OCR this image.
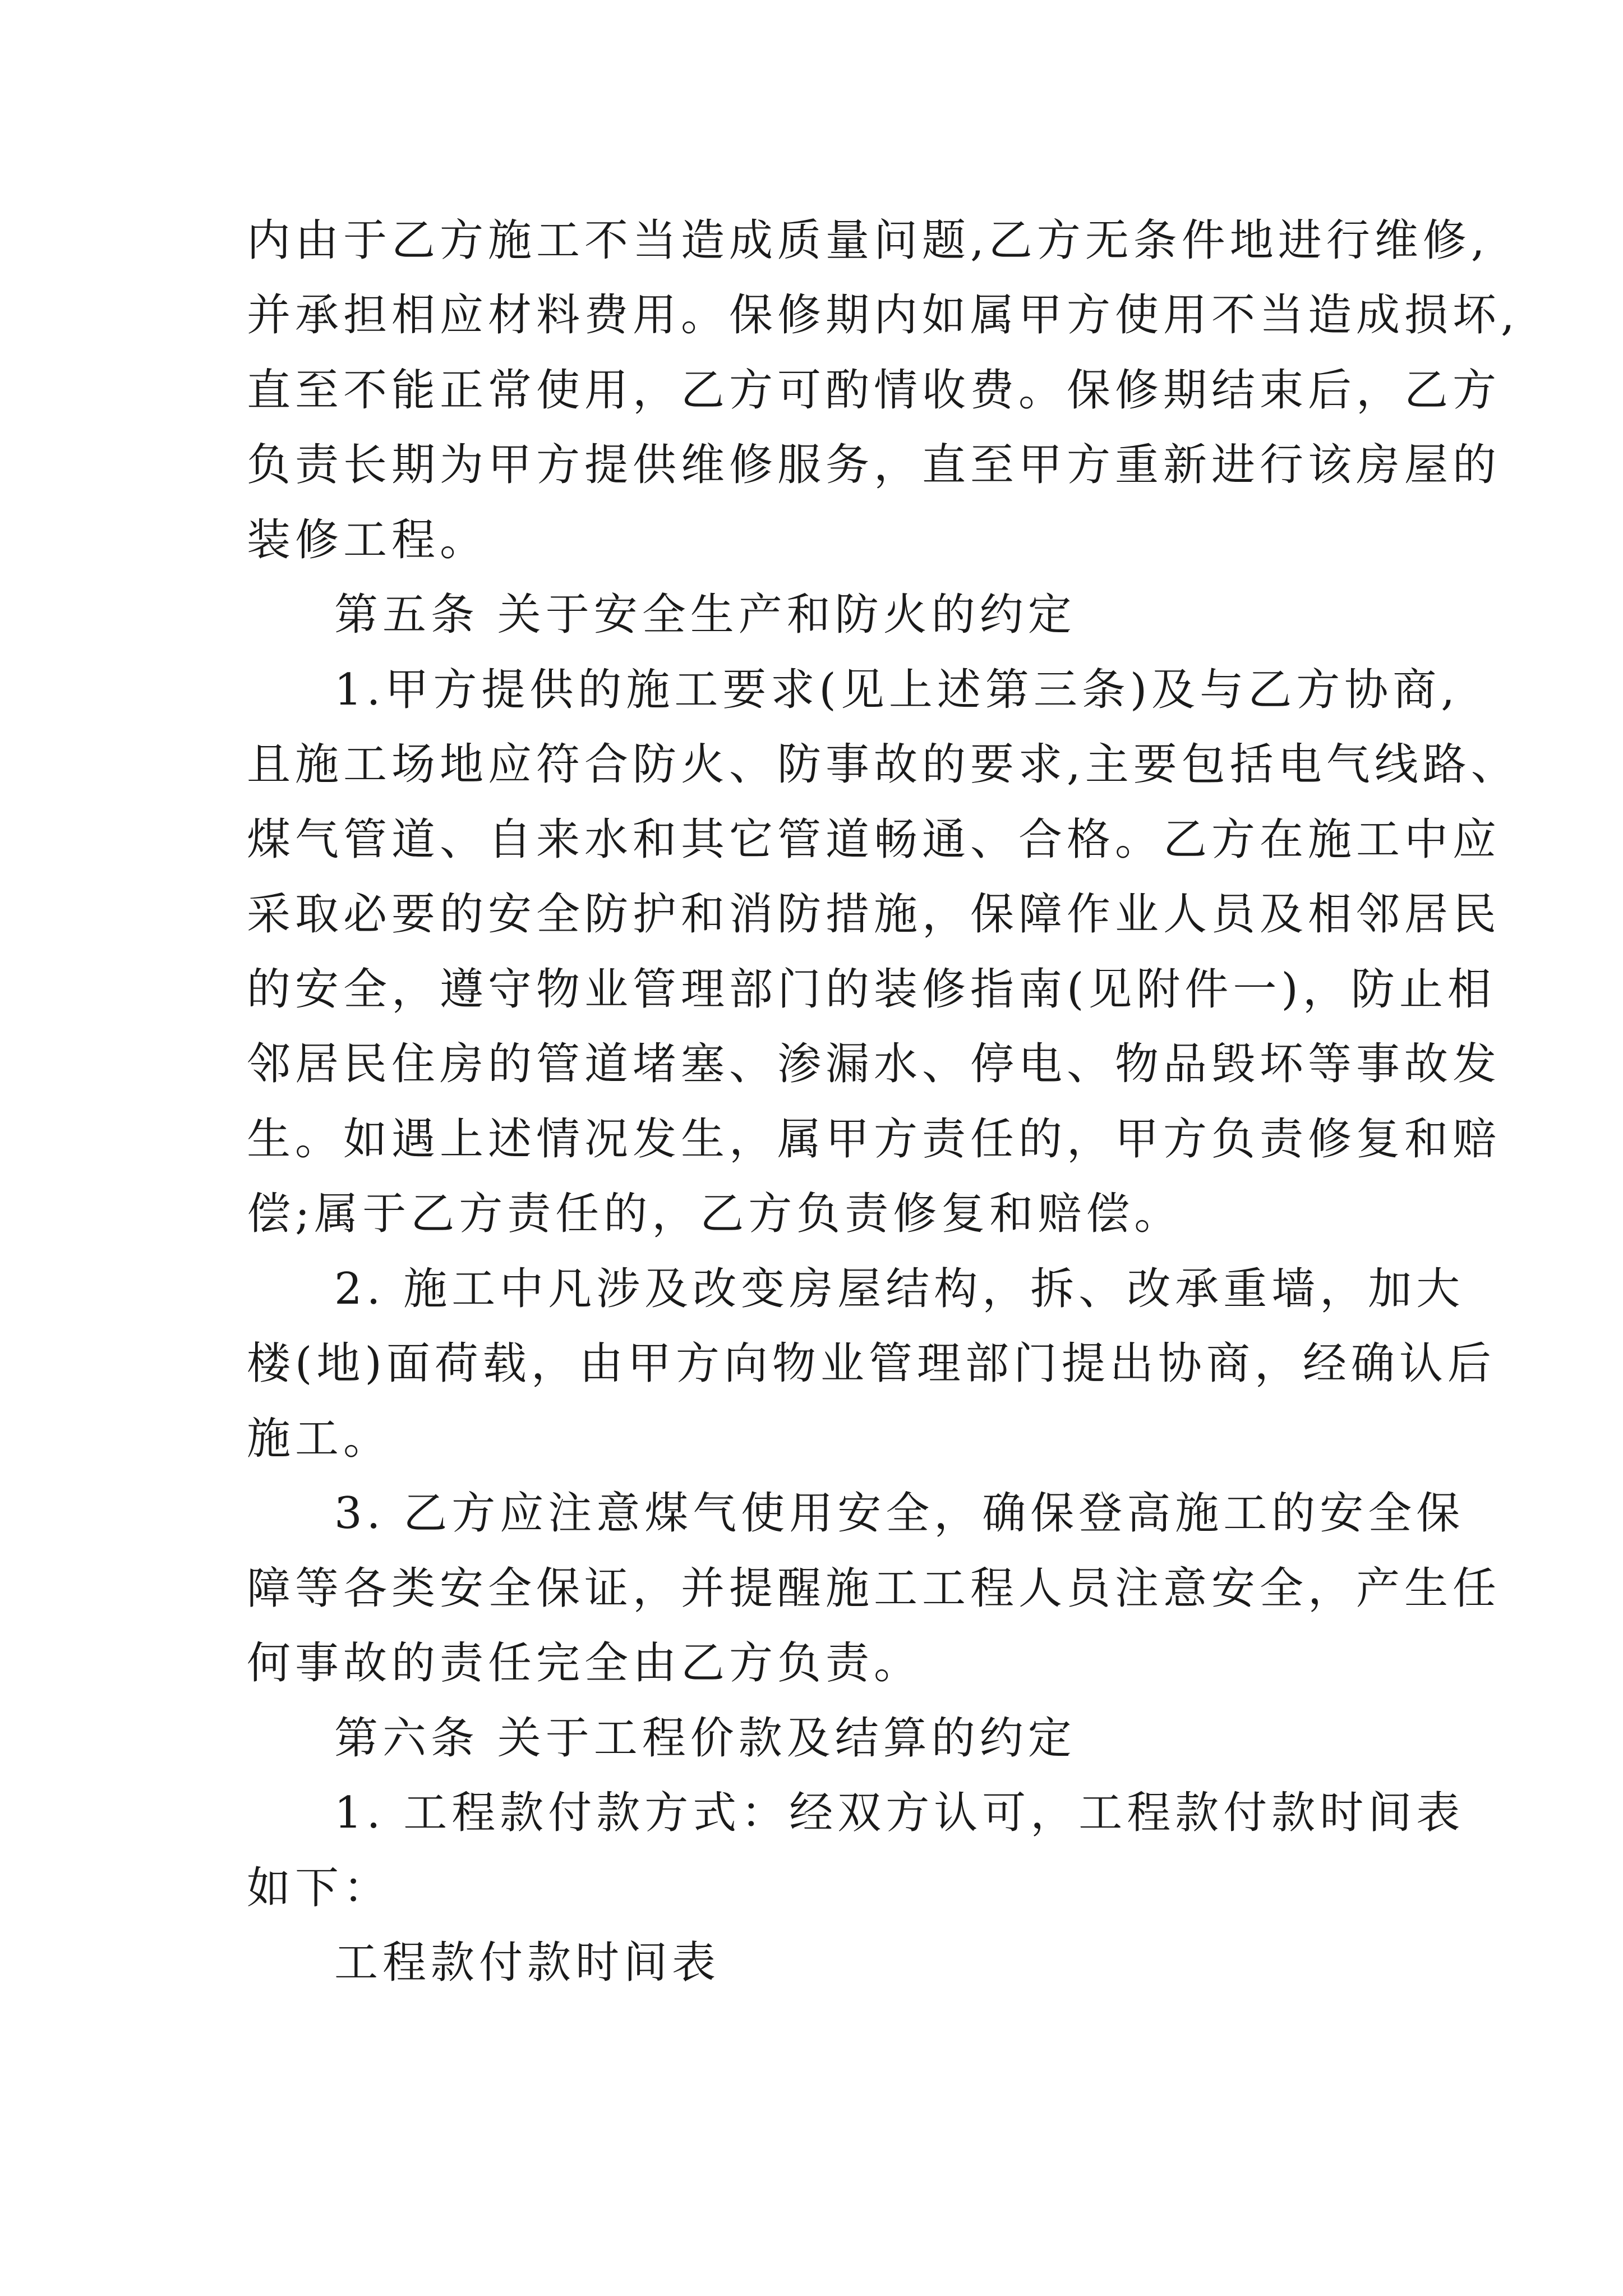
内由于乙方施工不当造成质量问题,乙方无条件地进行维修,

并承担相应材料费用。保修期内如属甲方使用不当造成损坏,

直至不能正常使用，乙方可酌情收费。保修期结束后，乙方

负责长期为甲方提供维修服务，直至甲方重新进行该房屋的

装修工程。

第五条 关于安全生产和防火的约定

1.甲方提供的施工要求(见上述第三条)及与乙方协商,

且施工场地应符合防火、防事故的要求,主要包括电气线路、

煤气管道、自来水和其它管道畅通、合格。乙方在施工中应

采取必要的安全防护和消防措施，保障作业人员及相邻居民

的安全，遵守物业管理部门的装修指南(见附件一)，防止相

邻居民住房的管道堵塞、渗漏水、停电、物品毁坏等事故发

生。如遇上述情况发生，属甲方责任的，甲方负责修复和赔

偿;属于乙方责任的，乙方负责修复和赔偿。

2. 施工中凡涉及改变房屋结构，拆、改承重墙，加大

楼(地)面荷载，由甲方向物业管理部门提出协商，经确认后

施工。

3. 乙方应注意煤气使用安全，确保登高施工的安全保

障等各类安全保证，并提醒施工工程人员注意安全，产生任

何事故的责任完全由乙方负责。

第六条 关于工程价款及结算的约定

1. 工程款付款方式：经双方认可，工程款付款时间表

如下：

工程款付款时间表
